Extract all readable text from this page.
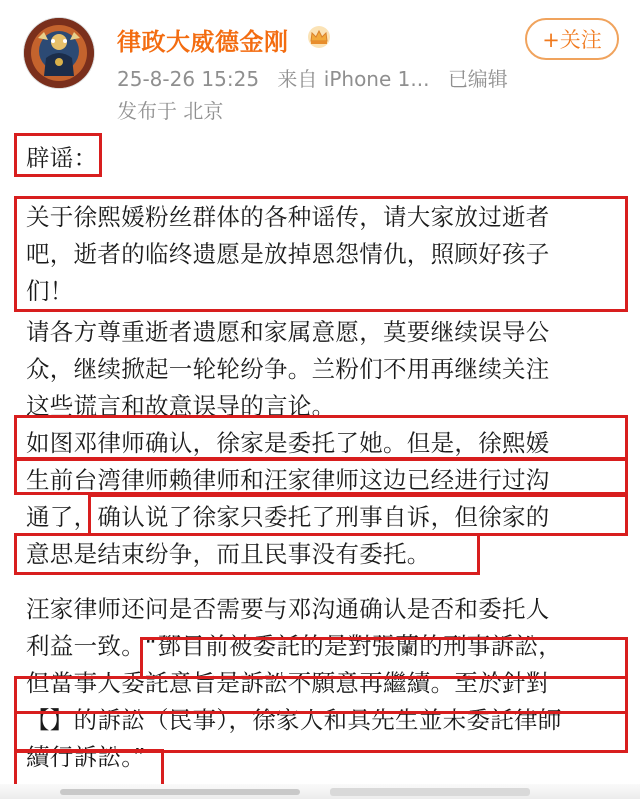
律政大威德金刚
25-8-26 15:25 来自 iPhone 1... 已编辑
发布于 北京
+关注

辟谣：

关于徐熙媛粉丝群体的各种谣传，请大家放过逝者
吧，逝者的临终遗愿是放掉恩怨情仇，照顾好孩子
们！

请各方尊重逝者遗愿和家属意愿，莫要继续误导公
众，继续掀起一轮轮纷争。兰粉们不用再继续关注
这些谎言和故意误导的言论。

如图邓律师确认，徐家是委托了她。但是，徐熙媛
生前台湾律师赖律师和汪家律师这边已经进行过沟
通了，确认说了徐家只委托了刑事自诉，但徐家的
意思是结束纷争，而且民事没有委托。

汪家律师还问是否需要与邓沟通确认是否和委托人
利益一致。“鄧目前被委託的是對張蘭的刑事訴訟，
但當事人委託意旨是訴訟不願意再繼續。至於針對
【】的訴訟（民事），徐家人和具先生並未委託律師
續行訴訟。”
